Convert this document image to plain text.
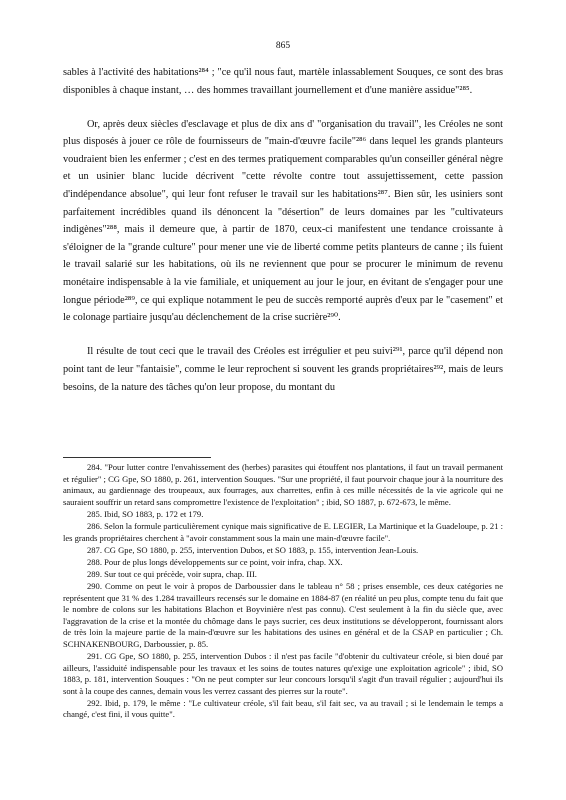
865

sables à l'activité des habitations²⁸⁴ ; "ce qu'il nous faut, martèle inlassablement Souques, ce sont des bras disponibles à chaque instant, … des hommes travaillant journellement et d'une manière assidue"²⁸⁵.

Or, après deux siècles d'esclavage et plus de dix ans d' "organisation du travail", les Créoles ne sont plus disposés à jouer ce rôle de fournisseurs de "main-d'œuvre facile"²⁸⁶ dans lequel les grands planteurs voudraient bien les enfermer ; c'est en des termes pratiquement comparables qu'un conseiller général nègre et un usinier blanc lucide décrivent "cette révolte contre tout assujettissement, cette passion d'indépendance absolue", qui leur font refuser le travail sur les habitations²⁸⁷. Bien sûr, les usiniers sont parfaitement incrédibles quand ils dénoncent la "désertion" de leurs domaines par les "cultivateurs indigènes"²⁸⁸, mais il demeure que, à partir de 1870, ceux-ci manifestent une tendance croissante à s'éloigner de la "grande culture" pour mener une vie de liberté comme petits planteurs de canne ; ils fuient le travail salarié sur les habitations, où ils ne reviennent que pour se procurer le minimum de revenu monétaire indispensable à la vie familiale, et uniquement au jour le jour, en évitant de s'engager pour une longue période²⁸⁹, ce qui explique notamment le peu de succès remporté auprès d'eux par le "casement" et le colonage partiaire jusqu'au déclenchement de la crise sucrière²⁹⁰.

Il résulte de tout ceci que le travail des Créoles est irrégulier et peu suivi²⁹¹, parce qu'il dépend non point tant de leur "fantaisie", comme le leur reprochent si souvent les grands propriétaires²⁹², mais de leurs besoins, de la nature des tâches qu'on leur propose, du montant du

284. "Pour lutter contre l'envahissement des (herbes) parasites qui étouffent nos plantations, il faut un travail permanent et régulier" ; CG Gpe, SO 1880, p. 261, intervention Souques. "Sur une propriété, il faut pourvoir chaque jour à la nourriture des animaux, au gardiennage des troupeaux, aux fourrages, aux charrettes, enfin à ces mille nécessités de la vie agricole qui ne sauraient souffrir un retard sans compromettre l'existence de l'exploitation" ; ibid, SO 1887, p. 672-673, le même.

285. Ibid, SO 1883, p. 172 et 179.

286. Selon la formule particulièrement cynique mais significative de E. LEGIER, La Martinique et la Guadeloupe, p. 21 : les grands propriétaires cherchent à "avoir constamment sous la main une main-d'œuvre facile".

287. CG Gpe, SO 1880, p. 255, intervention Dubos, et SO 1883, p. 155, intervention Jean-Louis.

288. Pour de plus longs développements sur ce point, voir infra, chap. XX.

289. Sur tout ce qui précède, voir supra, chap. III.

290. Comme on peut le voir à propos de Darboussier dans le tableau n° 58 ; prises ensemble, ces deux catégories ne représentent que 31 % des 1.284 travailleurs recensés sur le domaine en 1884-87 (en réalité un peu plus, compte tenu du fait que le nombre de colons sur les habitations Blachon et Boyvinière n'est pas connu). C'est seulement à la fin du siècle que, avec l'aggravation de la crise et la montée du chômage dans le pays sucrier, ces deux institutions se développeront, fournissant alors de très loin la majeure partie de la main-d'œuvre sur les habitations des usines en général et de la CSAP en particulier ; Ch. SCHNAKENBOURG, Darboussier, p. 85.

291. CG Gpe, SO 1880, p. 255, intervention Dubos : il n'est pas facile "d'obtenir du cultivateur créole, si bien doué par ailleurs, l'assiduité indispensable pour les travaux et les soins de toutes natures qu'exige une exploitation agricole" ; ibid, SO 1883, p. 181, intervention Souques : "On ne peut compter sur leur concours lorsqu'il s'agit d'un travail régulier ; aujourd'hui ils sont à la coupe des cannes, demain vous les verrez cassant des pierres sur la route".

292. Ibid, p. 179, le même : "Le cultivateur créole, s'il fait beau, s'il fait sec, va au travail ; si le lendemain le temps a changé, c'est fini, il vous quitte".
